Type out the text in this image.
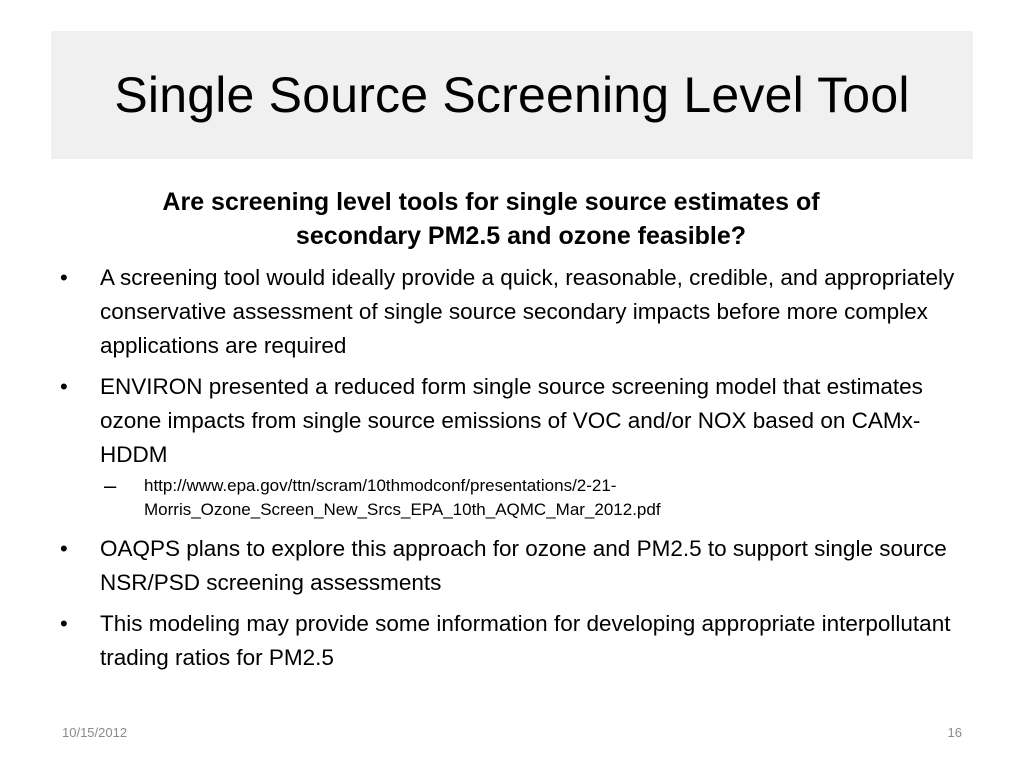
Single Source Screening Level Tool
Are screening level tools for single source estimates of
secondary PM2.5 and ozone feasible?
• A screening tool would ideally provide a quick, reasonable, credible, and appropriately conservative assessment of single source secondary impacts before more complex applications are required
• ENVIRON presented a reduced form single source screening model that estimates ozone impacts from single source emissions of VOC and/or NOX based on CAMx-HDDM
– http://www.epa.gov/ttn/scram/10thmodconf/presentations/2-21-
Morris_Ozone_Screen_New_Srcs_EPA_10th_AQMC_Mar_2012.pdf
• OAQPS plans to explore this approach for ozone and PM2.5 to support single source NSR/PSD screening assessments
• This modeling may provide some information for developing appropriate interpollutant trading ratios for PM2.5
10/15/2012	16
